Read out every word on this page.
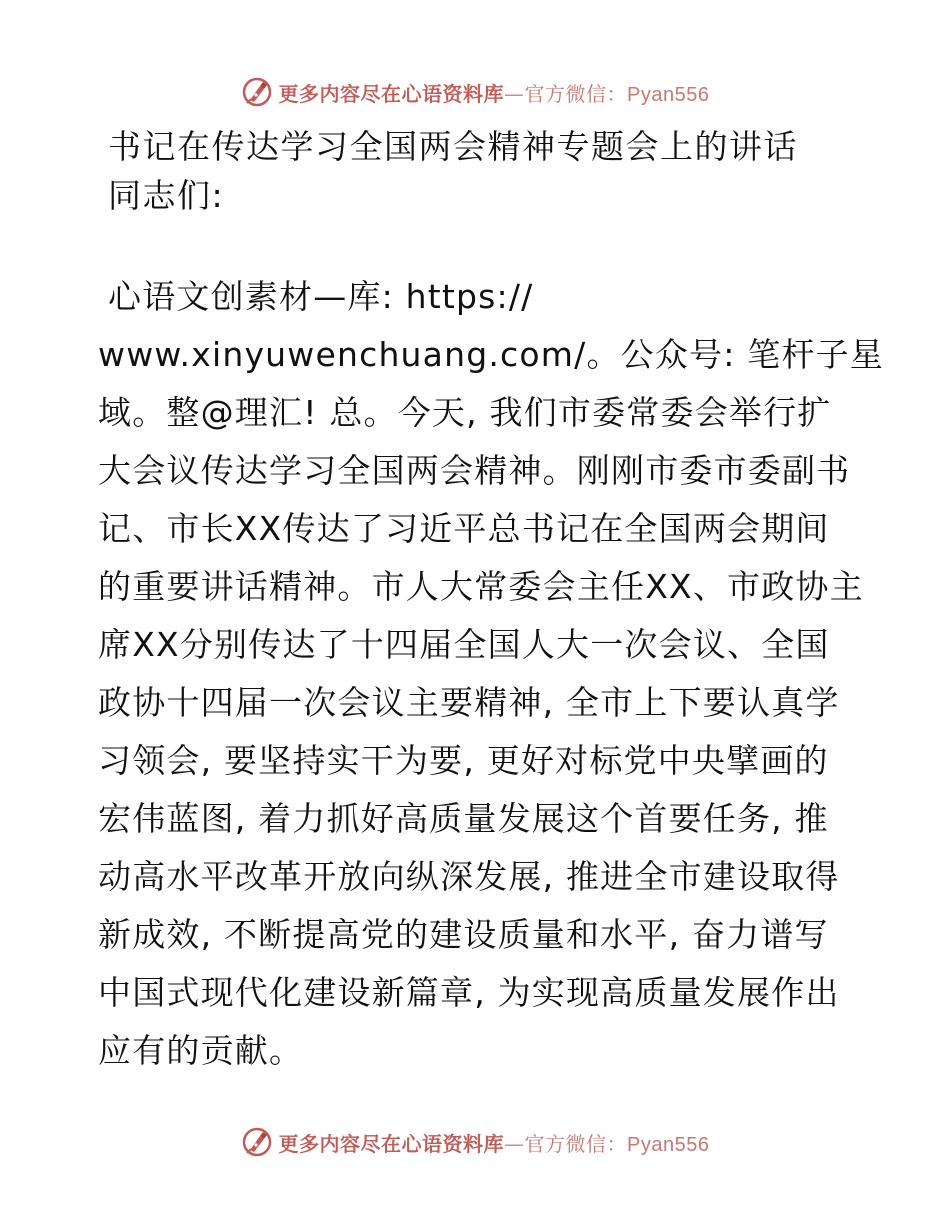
更多内容尽在心语资料库—官方微信：Pyan556
书记在传达学习全国两会精神专题会上的讲话
同志们:
心语文创素材—库: https://
www.xinyuwenchuang.com/。公众号: 笔杆子星
域。整@理汇! 总。今天, 我们市委常委会举行扩
大会议传达学习全国两会精神。刚刚市委市委副书
记、市长XX传达了习近平总书记在全国两会期间
的重要讲话精神。市人大常委会主任XX、市政协主
席XX分别传达了十四届全国人大一次会议、全国
政协十四届一次会议主要精神, 全市上下要认真学
习领会, 要坚持实干为要, 更好对标党中央擘画的
宏伟蓝图, 着力抓好高质量发展这个首要任务, 推
动高水平改革开放向纵深发展, 推进全市建设取得
新成效, 不断提高党的建设质量和水平, 奋力谱写
中国式现代化建设新篇章, 为实现高质量发展作出
应有的贡献。
更多内容尽在心语资料库—官方微信：Pyan556
